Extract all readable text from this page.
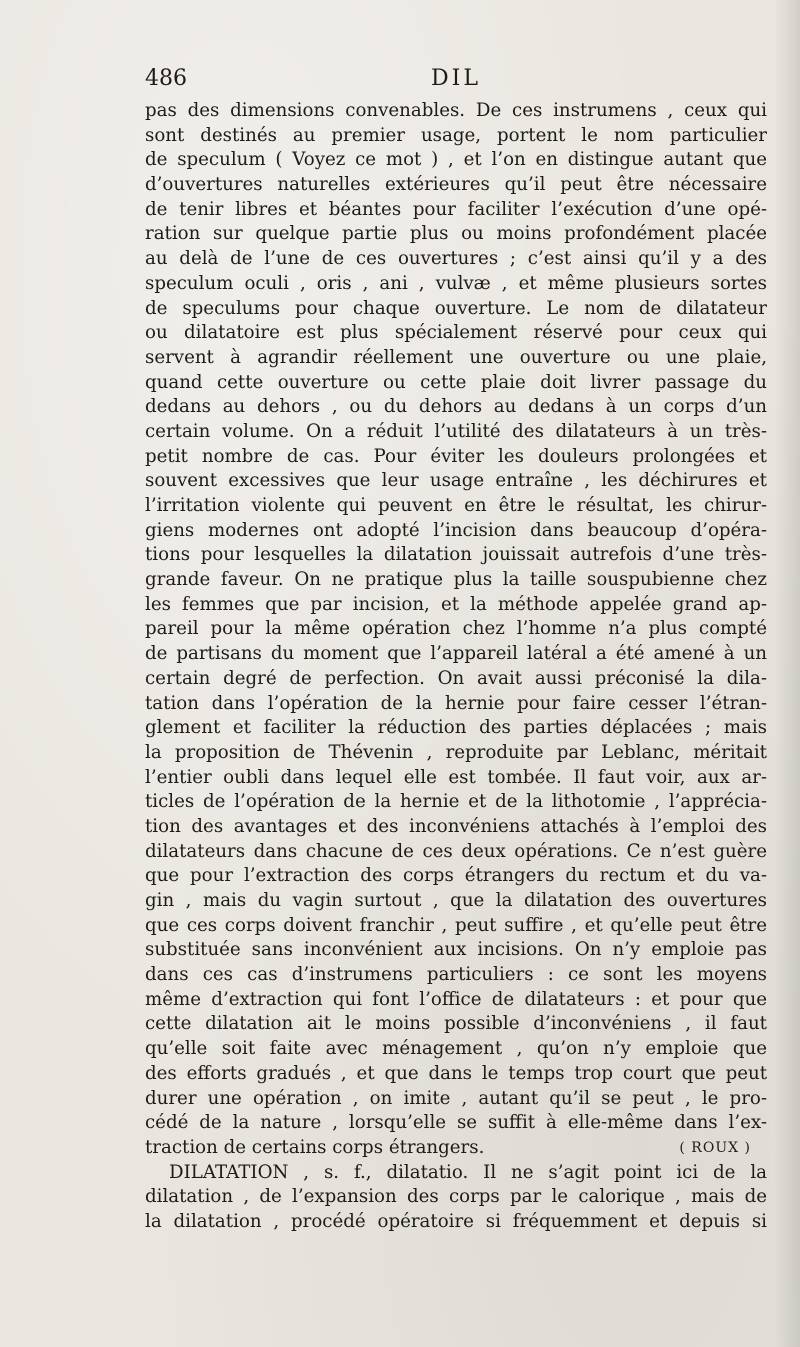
486	DIL
pas des dimensions convenables. De ces instrumens , ceux qui
sont destinés au premier usage, portent le nom particulier
de speculum ( Voyez ce mot ) , et l’on en distingue autant que
d’ouvertures naturelles extérieures qu’il peut être nécessaire
de tenir libres et béantes pour faciliter l’exécution d’une opé-
ration sur quelque partie plus ou moins profondément placée
au delà de l’une de ces ouvertures ; c’est ainsi qu’il y a des
speculum oculi , oris , ani , vulvæ , et même plusieurs sortes
de speculums pour chaque ouverture. Le nom de dilatateur
ou dilatatoire est plus spécialement réservé pour ceux qui
servent à agrandir réellement une ouverture ou une plaie,
quand cette ouverture ou cette plaie doit livrer passage du
dedans au dehors , ou du dehors au dedans à un corps d’un
certain volume. On a réduit l’utilité des dilatateurs à un très-
petit nombre de cas. Pour éviter les douleurs prolongées et
souvent excessives que leur usage entraîne , les déchirures et
l’irritation violente qui peuvent en être le résultat, les chirur-
giens modernes ont adopté l’incision dans beaucoup d’opéra-
tions pour lesquelles la dilatation jouissait autrefois d’une très-
grande faveur. On ne pratique plus la taille souspubienne chez
les femmes que par incision, et la méthode appelée grand ap-
pareil pour la même opération chez l’homme n’a plus compté
de partisans du moment que l’appareil latéral a été amené à un
certain degré de perfection. On avait aussi préconisé la dila-
tation dans l’opération de la hernie pour faire cesser l’étran-
glement et faciliter la réduction des parties déplacées ; mais
la proposition de Thévenin , reproduite par Leblanc, méritait
l’entier oubli dans lequel elle est tombée. Il faut voir, aux ar-
ticles de l’opération de la hernie et de la lithotomie , l’apprécia-
tion des avantages et des inconvéniens attachés à l’emploi des
dilatateurs dans chacune de ces deux opérations. Ce n’est guère
que pour l’extraction des corps étrangers du rectum et du va-
gin , mais du vagin surtout , que la dilatation des ouvertures
que ces corps doivent franchir , peut suffire , et qu’elle peut être
substituée sans inconvénient aux incisions. On n’y emploie pas
dans ces cas d’instrumens particuliers : ce sont les moyens
même d’extraction qui font l’office de dilatateurs : et pour que
cette dilatation ait le moins possible d’inconvéniens , il faut
qu’elle soit faite avec ménagement , qu’on n’y emploie que
des efforts gradués , et que dans le temps trop court que peut
durer une opération , on imite , autant qu’il se peut , le pro-
cédé de la nature , lorsqu’elle se suffit à elle-même dans l’ex-
traction de certains corps étrangers.	( ROUX )
DILATATION , s. f., dilatatio. Il ne s’agit point ici de la
dilatation , de l’expansion des corps par le calorique , mais de
la dilatation , procédé opératoire si fréquemment et depuis si
